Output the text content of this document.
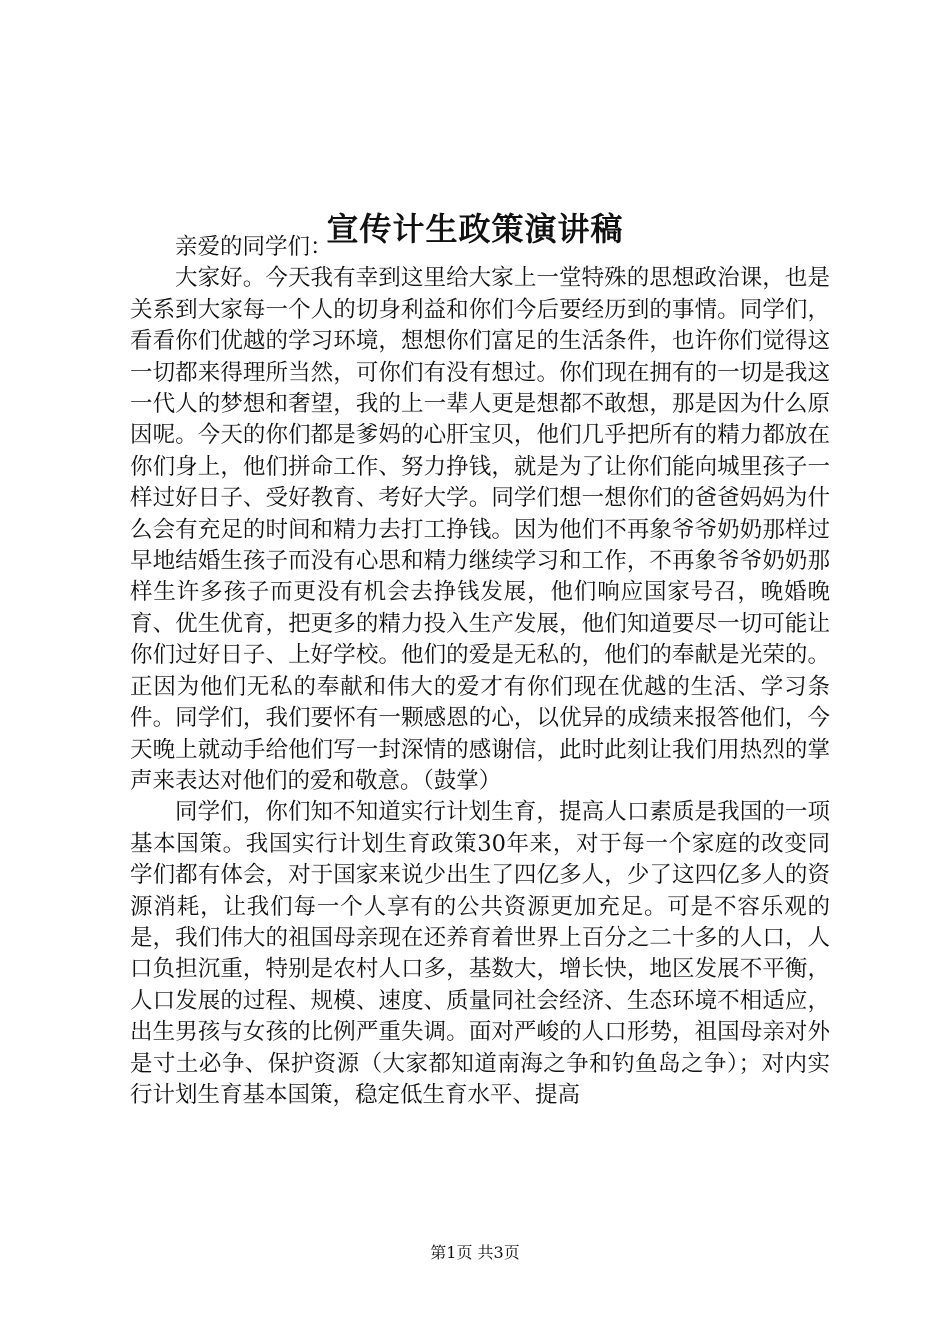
宣传计生政策演讲稿

亲爱的同学们：

大家好。今天我有幸到这里给大家上一堂特殊的思想政治课，也是关系到大家每一个人的切身利益和你们今后要经历到的事情。同学们，看看你们优越的学习环境，想想你们富足的生活条件，也许你们觉得这一切都来得理所当然，可你们有没有想过。你们现在拥有的一切是我这一代人的梦想和奢望，我的上一辈人更是想都不敢想，那是因为什么原因呢。今天的你们都是爹妈的心肝宝贝，他们几乎把所有的精力都放在你们身上，他们拼命工作、努力挣钱，就是为了让你们能向城里孩子一样过好日子、受好教育、考好大学。同学们想一想你们的爸爸妈妈为什么会有充足的时间和精力去打工挣钱。因为他们不再象爷爷奶奶那样过早地结婚生孩子而没有心思和精力继续学习和工作，不再象爷爷奶奶那样生许多孩子而更没有机会去挣钱发展，他们响应国家号召，晚婚晚育、优生优育，把更多的精力投入生产发展，他们知道要尽一切可能让你们过好日子、上好学校。他们的爱是无私的，他们的奉献是光荣的。正因为他们无私的奉献和伟大的爱才有你们现在优越的生活、学习条件。同学们，我们要怀有一颗感恩的心，以优异的成绩来报答他们，今天晚上就动手给他们写一封深情的感谢信，此时此刻让我们用热烈的掌声来表达对他们的爱和敬意。（鼓掌）

同学们，你们知不知道实行计划生育，提高人口素质是我国的一项基本国策。我国实行计划生育政策30年来，对于每一个家庭的改变同学们都有体会，对于国家来说少出生了四亿多人，少了这四亿多人的资源消耗，让我们每一个人享有的公共资源更加充足。可是不容乐观的是，我们伟大的祖国母亲现在还养育着世界上百分之二十多的人口，人口负担沉重，特别是农村人口多，基数大，增长快，地区发展不平衡，人口发展的过程、规模、速度、质量同社会经济、生态环境不相适应，出生男孩与女孩的比例严重失调。面对严峻的人口形势，祖国母亲对外是寸土必争、保护资源（大家都知道南海之争和钓鱼岛之争）；对内实行计划生育基本国策，稳定低生育水平、提高

第1页 共3页
